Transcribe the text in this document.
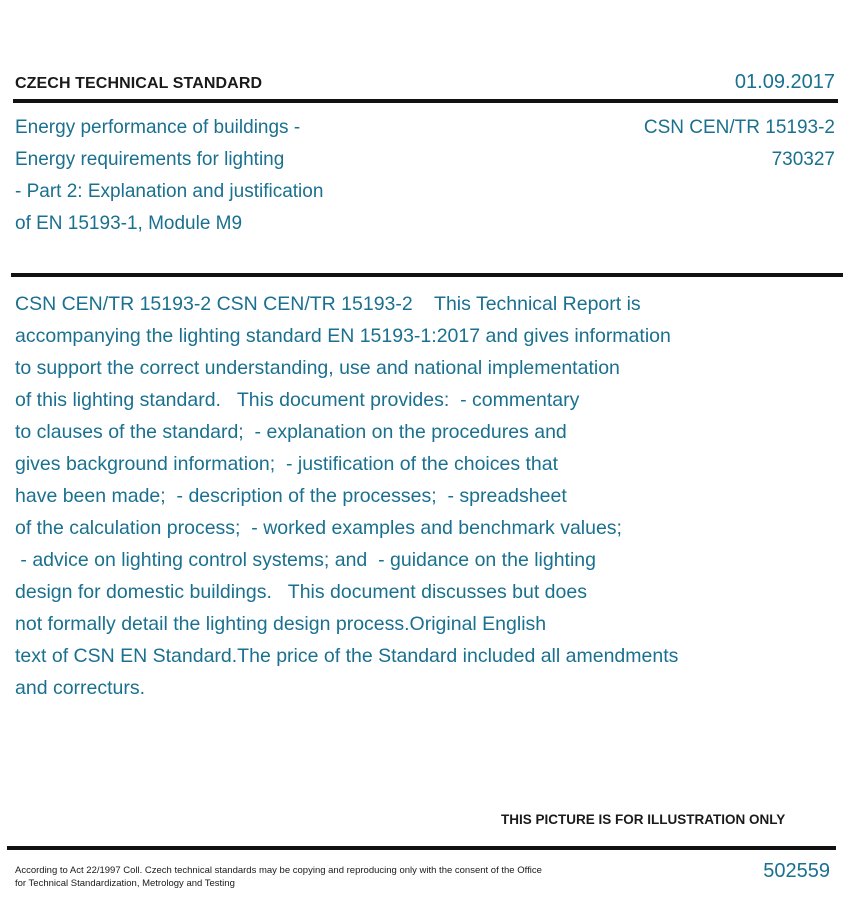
CZECH TECHNICAL STANDARD	01.09.2017
Energy performance of buildings -
Energy requirements for lighting
- Part 2: Explanation and justification
of EN 15193-1, Module M9
CSN CEN/TR 15193-2
730327
CSN CEN/TR 15193-2 CSN CEN/TR 15193-2    This Technical Report is
accompanying the lighting standard EN 15193-1:2017 and gives information
to support the correct understanding, use and national implementation
of this lighting standard.   This document provides:  - commentary
to clauses of the standard;  - explanation on the procedures and
gives background information;  - justification of the choices that
have been made;  - description of the processes;  - spreadsheet
of the calculation process;  - worked examples and benchmark values;
- advice on lighting control systems; and  - guidance on the lighting
design for domestic buildings.   This document discusses but does
not formally detail the lighting design process.Original English
text of CSN EN Standard.The price of the Standard included all amendments
and correcturs.
THIS PICTURE IS FOR ILLUSTRATION ONLY
According to Act 22/1997 Coll. Czech technical standards may be copying and reproducing only with the consent of the Office
for Technical Standardization, Metrology and Testing
502559
